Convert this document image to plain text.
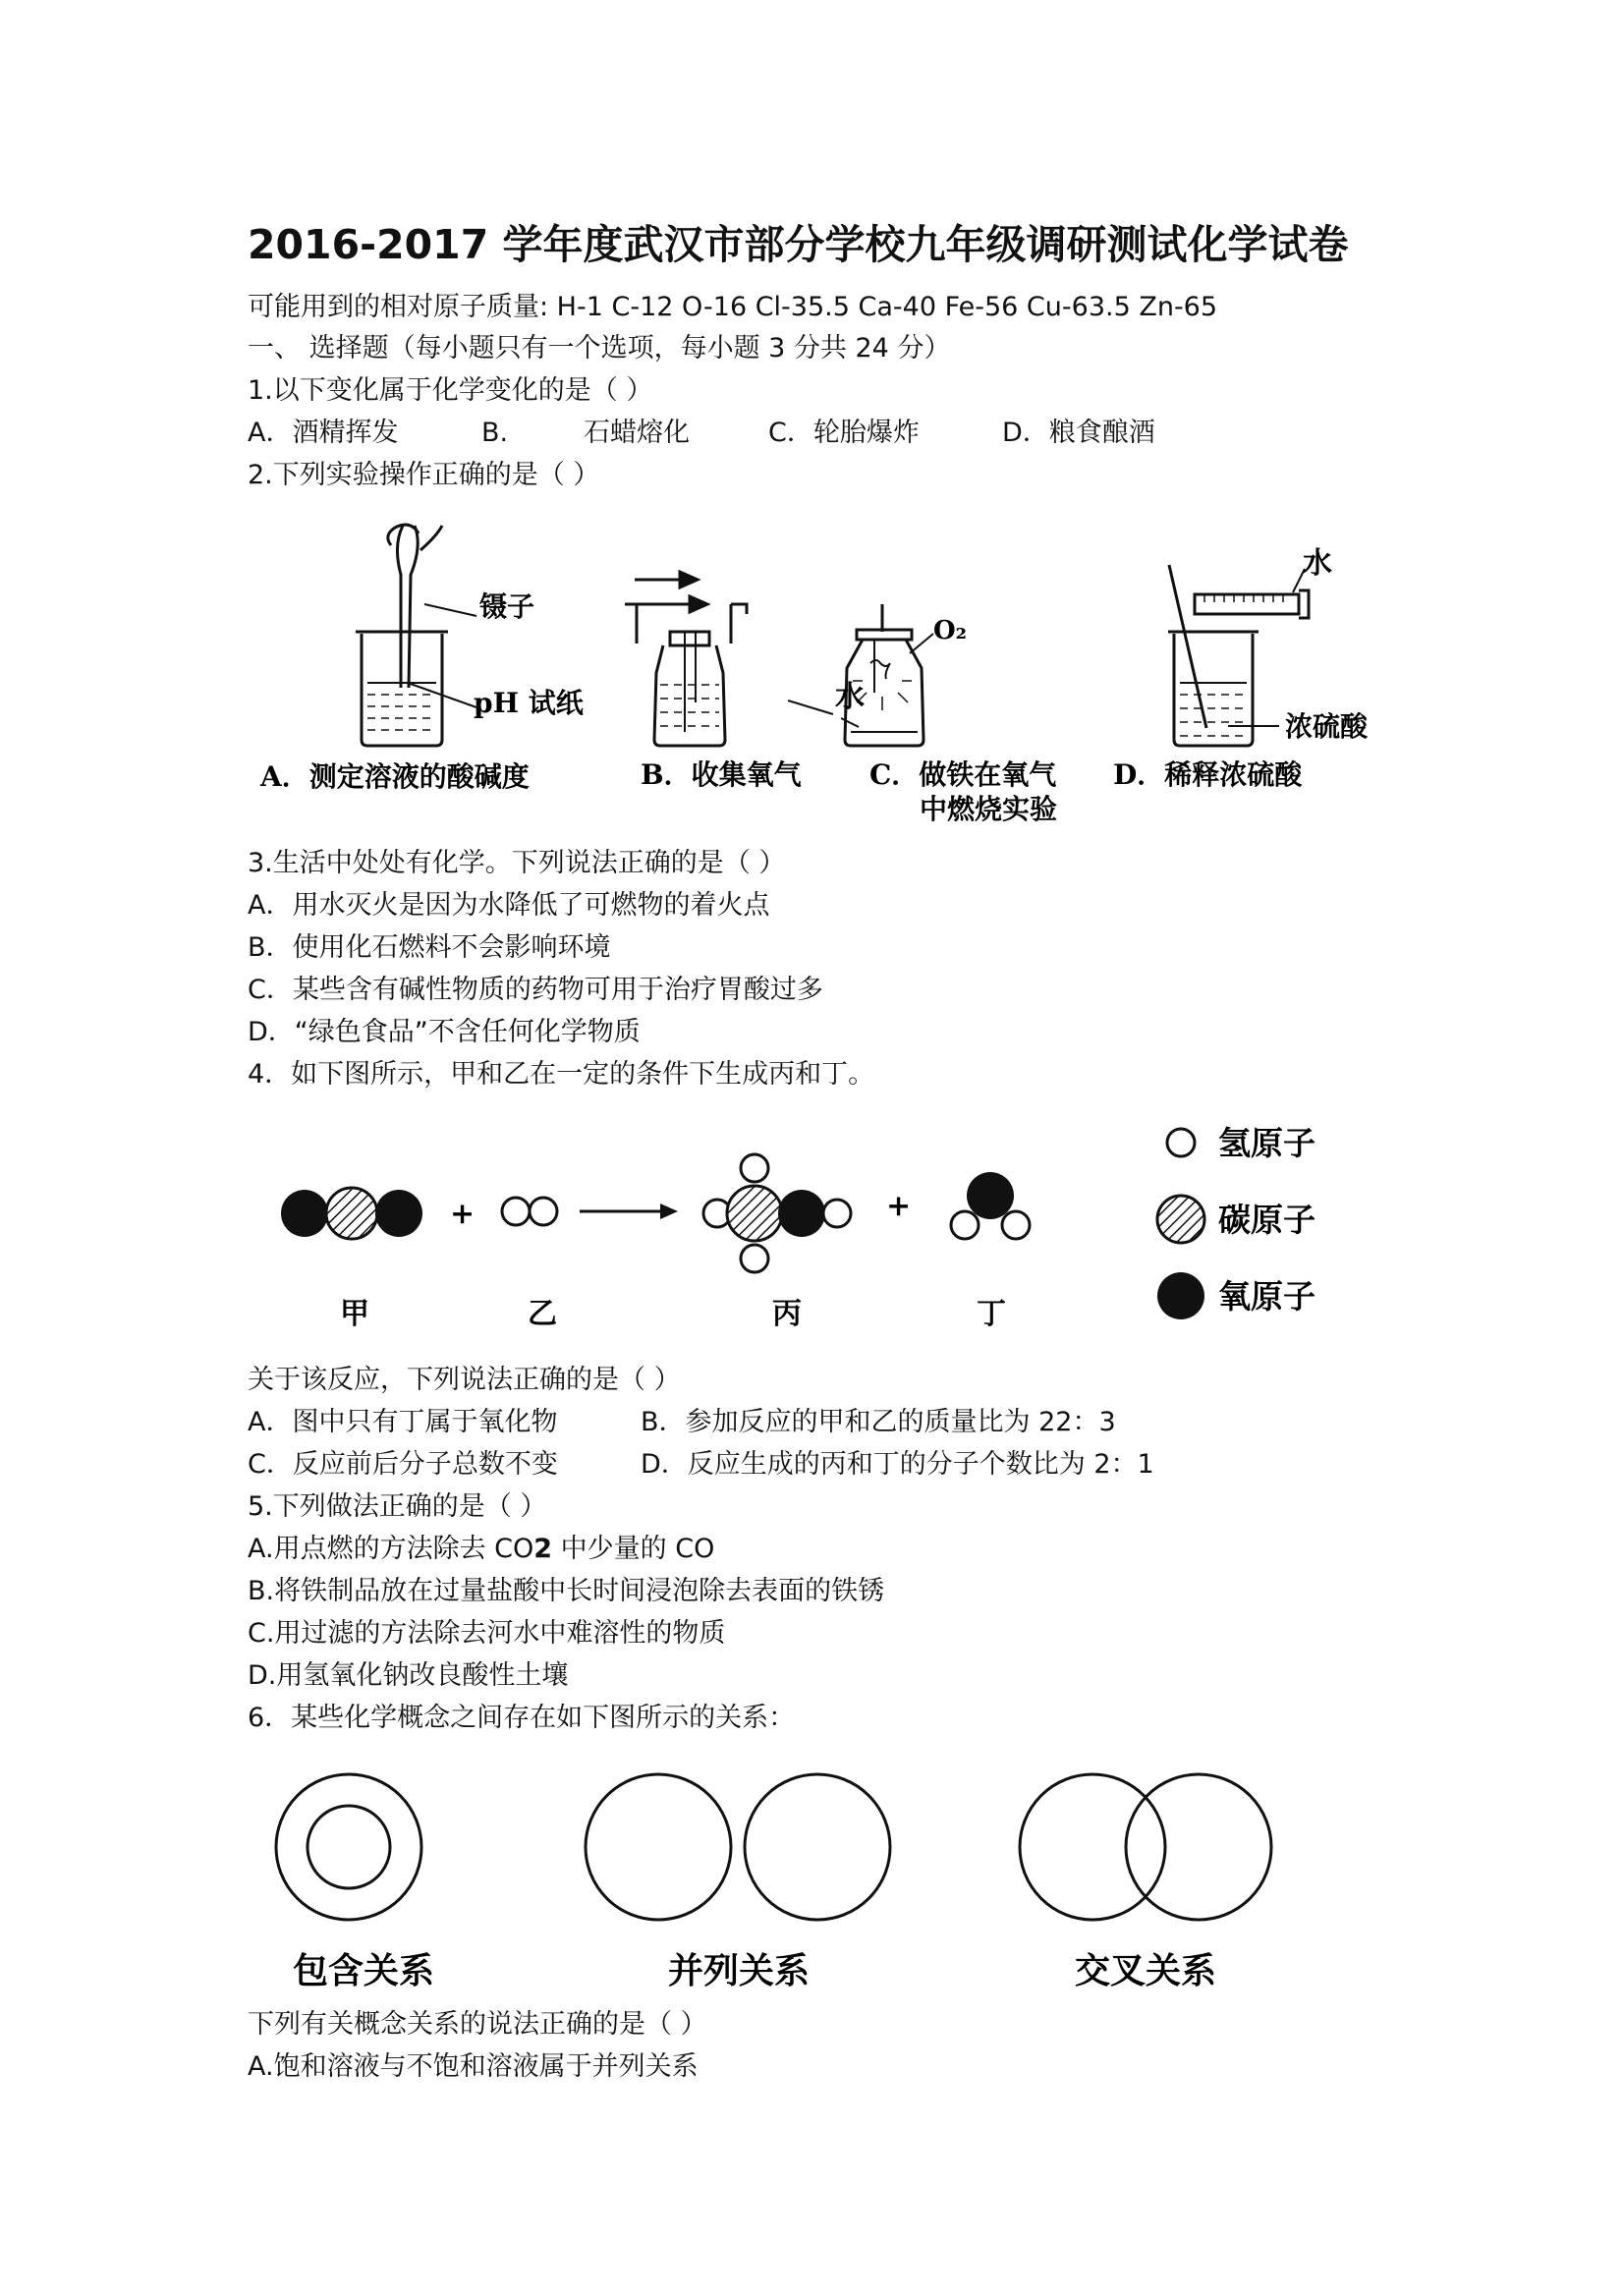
2016-2017 学年度武汉市部分学校九年级调研测试化学试卷
可能用到的相对原子质量: H-1 C-12 O-16 Cl-35.5 Ca-40 Fe-56 Cu-63.5 Zn-65
一、 选择题（每小题只有一个选项，每小题 3 分共 24 分）
1.以下变化属于化学变化的是（ ）
A．酒精挥发	B.	石蜡熔化	C．轮胎爆炸	D．粮食酿酒
2.下列实验操作正确的是（ ）
镊子
pH 试纸	水
O₂
水
浓硫酸
A．测定溶液的酸碱度	B．收集氧气 C．做铁在氧气
中燃烧实验
D．稀释浓硫酸
3.生活中处处有化学。下列说法正确的是（ ）
A．用水灭火是因为水降低了可燃物的着火点
B．使用化石燃料不会影响环境
C．某些含有碱性物质的药物可用于治疗胃酸过多
D．“绿色食品”不含任何化学物质
4．如下图所示，甲和乙在一定的条件下生成丙和丁。
+	+
氢原子
碳原子
氧原子
甲	乙	丙	丁
关于该反应，下列说法正确的是（ ）
A．图中只有丁属于氧化物	B．参加反应的甲和乙的质量比为 22：3
C．反应前后分子总数不变	D．反应生成的丙和丁的分子个数比为 2：1
5.下列做法正确的是（ ）
A.用点燃的方法除去 CO2 中少量的 CO
B.将铁制品放在过量盐酸中长时间浸泡除去表面的铁锈
C.用过滤的方法除去河水中难溶性的物质
D.用氢氧化钠改良酸性土壤
6．某些化学概念之间存在如下图所示的关系：
包含关系	并列关系	交叉关系
下列有关概念关系的说法正确的是（ ）
A.饱和溶液与不饱和溶液属于并列关系
